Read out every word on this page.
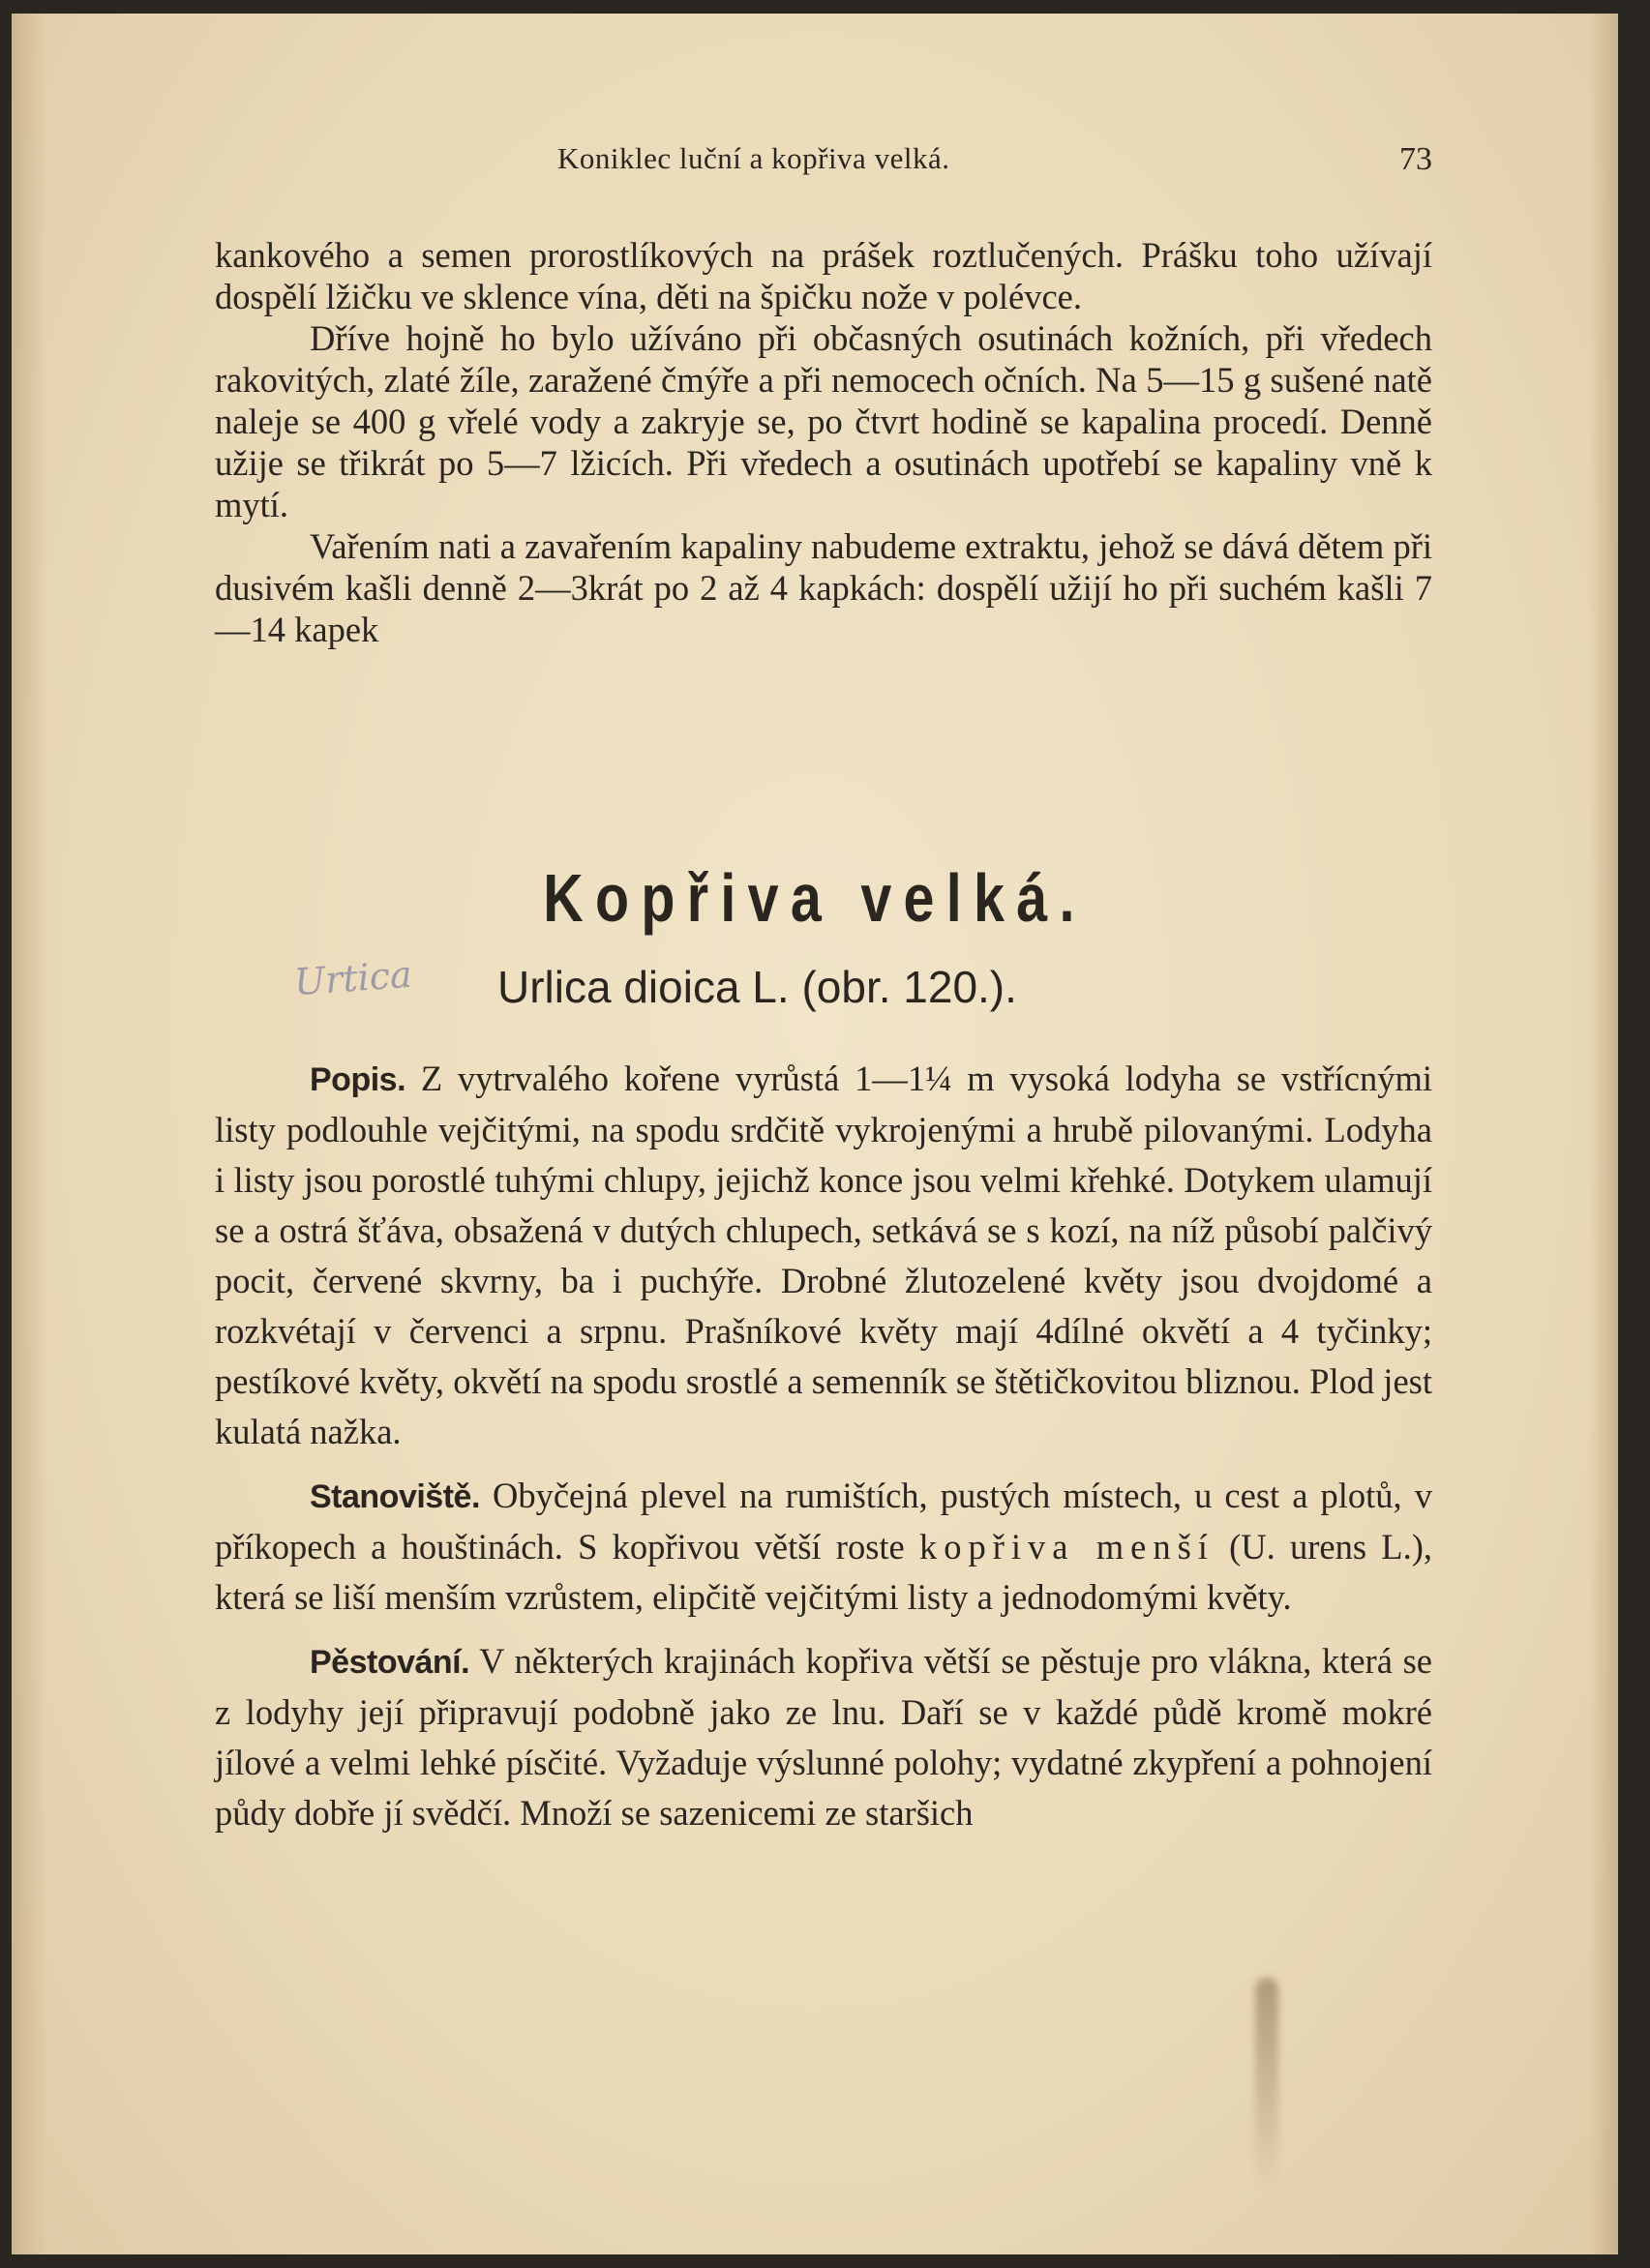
Koniklec luční a kopřiva velká.	73

kankového a semen prorostlíkových na prášek roztlučených. Prášku toho užívají dospělí lžičku ve sklence vína, děti na špičku nože v polévce.

Dříve hojně ho bylo užíváno při občasných osutinách kožních, při vředech rakovitých, zlaté žíle, zaražené čmýře a při nemocech očních. Na 5—15 g sušené natě naleje se 400 g vřelé vody a zakryje se, po čtvrt hodině se kapalina procedí. Denně užije se třikrát po 5—7 lžicích. Při vředech a osutinách upotřebí se kapaliny vně k mytí.

Vařením nati a zavařením kapaliny nabudeme extraktu, jehož se dává dětem při dusivém kašli denně 2—3krát po 2 až 4 kapkách: dospělí užijí ho při suchém kašli 7—14 kapek

Kopřiva velká.
Urtica Urlica dioica L. (obr. 120.).

Popis. Z vytrvalého kořene vyrůstá 1—1¼ m vysoká lodyha se vstřícnými listy podlouhle vejčitými, na spodu srdčitě vykrojenými a hrubě pilovanými. Lodyha i listy jsou porostlé tuhými chlupy, jejichž konce jsou velmi křehké. Dotykem ulamují se a ostrá šťáva, obsažená v dutých chlupech, setkává se s kozí, na níž působí palčivý pocit, červené skvrny, ba i puchýře. Drobné žlutozelené květy jsou dvojdomé a rozkvétají v červenci a srpnu. Prašníkové květy mají 4dílné okvětí a 4 tyčinky; pestíkové květy, okvětí na spodu srostlé a semenník se štětičkovitou bliznou. Plod jest kulatá nažka.

Stanoviště. Obyčejná plevel na rumištích, pustých místech, u cest a plotů, v příkopech a houštinách. S kopřivou větší roste kopřiva menší (U. urens L.), která se liší menším vzrůstem, elipčitě vejčitými listy a jednodomými květy.

Pěstování. V některých krajinách kopřiva větší se pěstuje pro vlákna, která se z lodyhy její připravují podobně jako ze lnu. Daří se v každé půdě kromě mokré jílové a velmi lehké písčité. Vyžaduje výslunné polohy; vydatné zkypření a pohnojení půdy dobře jí svědčí. Množí se sazenicemi ze staršich
